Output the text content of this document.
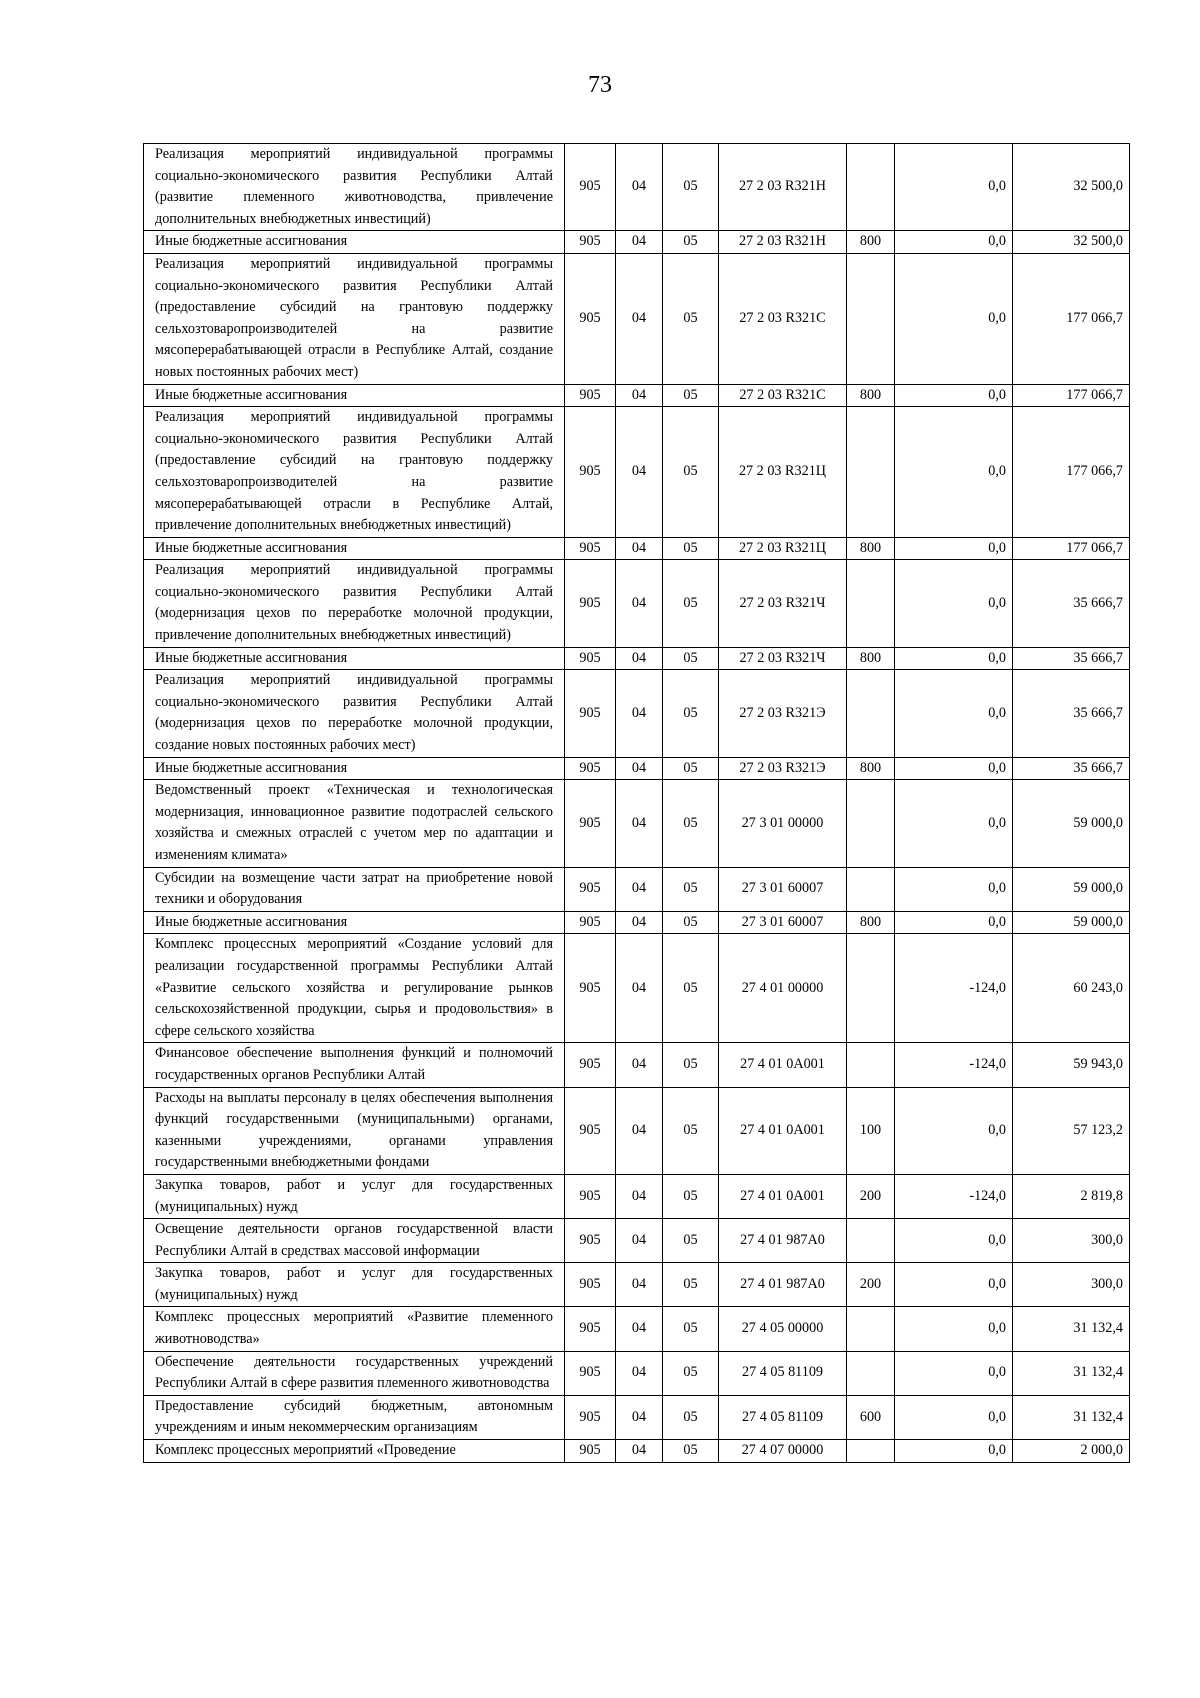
73
Реализация мероприятий индивидуальной программы социально-экономического развития Республики Алтай (развитие племенного животноводства, привлечение дополнительных внебюджетных инвестиций)	905	04	05	27 2 03 R321Н		0,0	32 500,0
Иные бюджетные ассигнования	905	04	05	27 2 03 R321Н	800	0,0	32 500,0
Реализация мероприятий индивидуальной программы социально-экономического развития Республики Алтай (предоставление субсидий на грантовую поддержку сельхозтоваропроизводителей на развитие мясоперерабатывающей отрасли в Республике Алтай, создание новых постоянных рабочих мест)	905	04	05	27 2 03 R321С		0,0	177 066,7
Иные бюджетные ассигнования	905	04	05	27 2 03 R321С	800	0,0	177 066,7
Реализация мероприятий индивидуальной программы социально-экономического развития Республики Алтай (предоставление субсидий на грантовую поддержку сельхозтоваропроизводителей на развитие мясоперерабатывающей отрасли в Республике Алтай, привлечение дополнительных внебюджетных инвестиций)	905	04	05	27 2 03 R321Ц		0,0	177 066,7
Иные бюджетные ассигнования	905	04	05	27 2 03 R321Ц	800	0,0	177 066,7
Реализация мероприятий индивидуальной программы социально-экономического развития Республики Алтай (модернизация цехов по переработке молочной продукции, привлечение дополнительных внебюджетных инвестиций)	905	04	05	27 2 03 R321Ч		0,0	35 666,7
Иные бюджетные ассигнования	905	04	05	27 2 03 R321Ч	800	0,0	35 666,7
Реализация мероприятий индивидуальной программы социально-экономического развития Республики Алтай (модернизация цехов по переработке молочной продукции, создание новых постоянных рабочих мест)	905	04	05	27 2 03 R321Э		0,0	35 666,7
Иные бюджетные ассигнования	905	04	05	27 2 03 R321Э	800	0,0	35 666,7
Ведомственный проект «Техническая и технологическая модернизация, инновационное развитие подотраслей сельского хозяйства и смежных отраслей с учетом мер по адаптации и изменениям климата»	905	04	05	27 3 01 00000		0,0	59 000,0
Субсидии на возмещение части затрат на приобретение новой техники и оборудования	905	04	05	27 3 01 60007		0,0	59 000,0
Иные бюджетные ассигнования	905	04	05	27 3 01 60007	800	0,0	59 000,0
Комплекс процессных мероприятий «Создание условий для реализации государственной программы Республики Алтай «Развитие сельского хозяйства и регулирование рынков сельскохозяйственной продукции, сырья и продовольствия» в сфере сельского хозяйства	905	04	05	27 4 01 00000		-124,0	60 243,0
Финансовое обеспечение выполнения функций и полномочий государственных органов Республики Алтай	905	04	05	27 4 01 0А001		-124,0	59 943,0
Расходы на выплаты персоналу в целях обеспечения выполнения функций государственными (муниципальными) органами, казенными учреждениями, органами управления государственными внебюджетными фондами	905	04	05	27 4 01 0А001	100	0,0	57 123,2
Закупка товаров, работ и услуг для государственных (муниципальных) нужд	905	04	05	27 4 01 0А001	200	-124,0	2 819,8
Освещение деятельности органов государственной власти Республики Алтай в средствах массовой информации	905	04	05	27 4 01 987А0		0,0	300,0
Закупка товаров, работ и услуг для государственных (муниципальных) нужд	905	04	05	27 4 01 987А0	200	0,0	300,0
Комплекс процессных мероприятий «Развитие племенного животноводства»	905	04	05	27 4 05 00000		0,0	31 132,4
Обеспечение деятельности государственных учреждений Республики Алтай в сфере развития племенного животноводства	905	04	05	27 4 05 81109		0,0	31 132,4
Предоставление субсидий бюджетным, автономным учреждениям и иным некоммерческим организациям	905	04	05	27 4 05 81109	600	0,0	31 132,4
Комплекс процессных мероприятий «Проведение	905	04	05	27 4 07 00000		0,0	2 000,0
